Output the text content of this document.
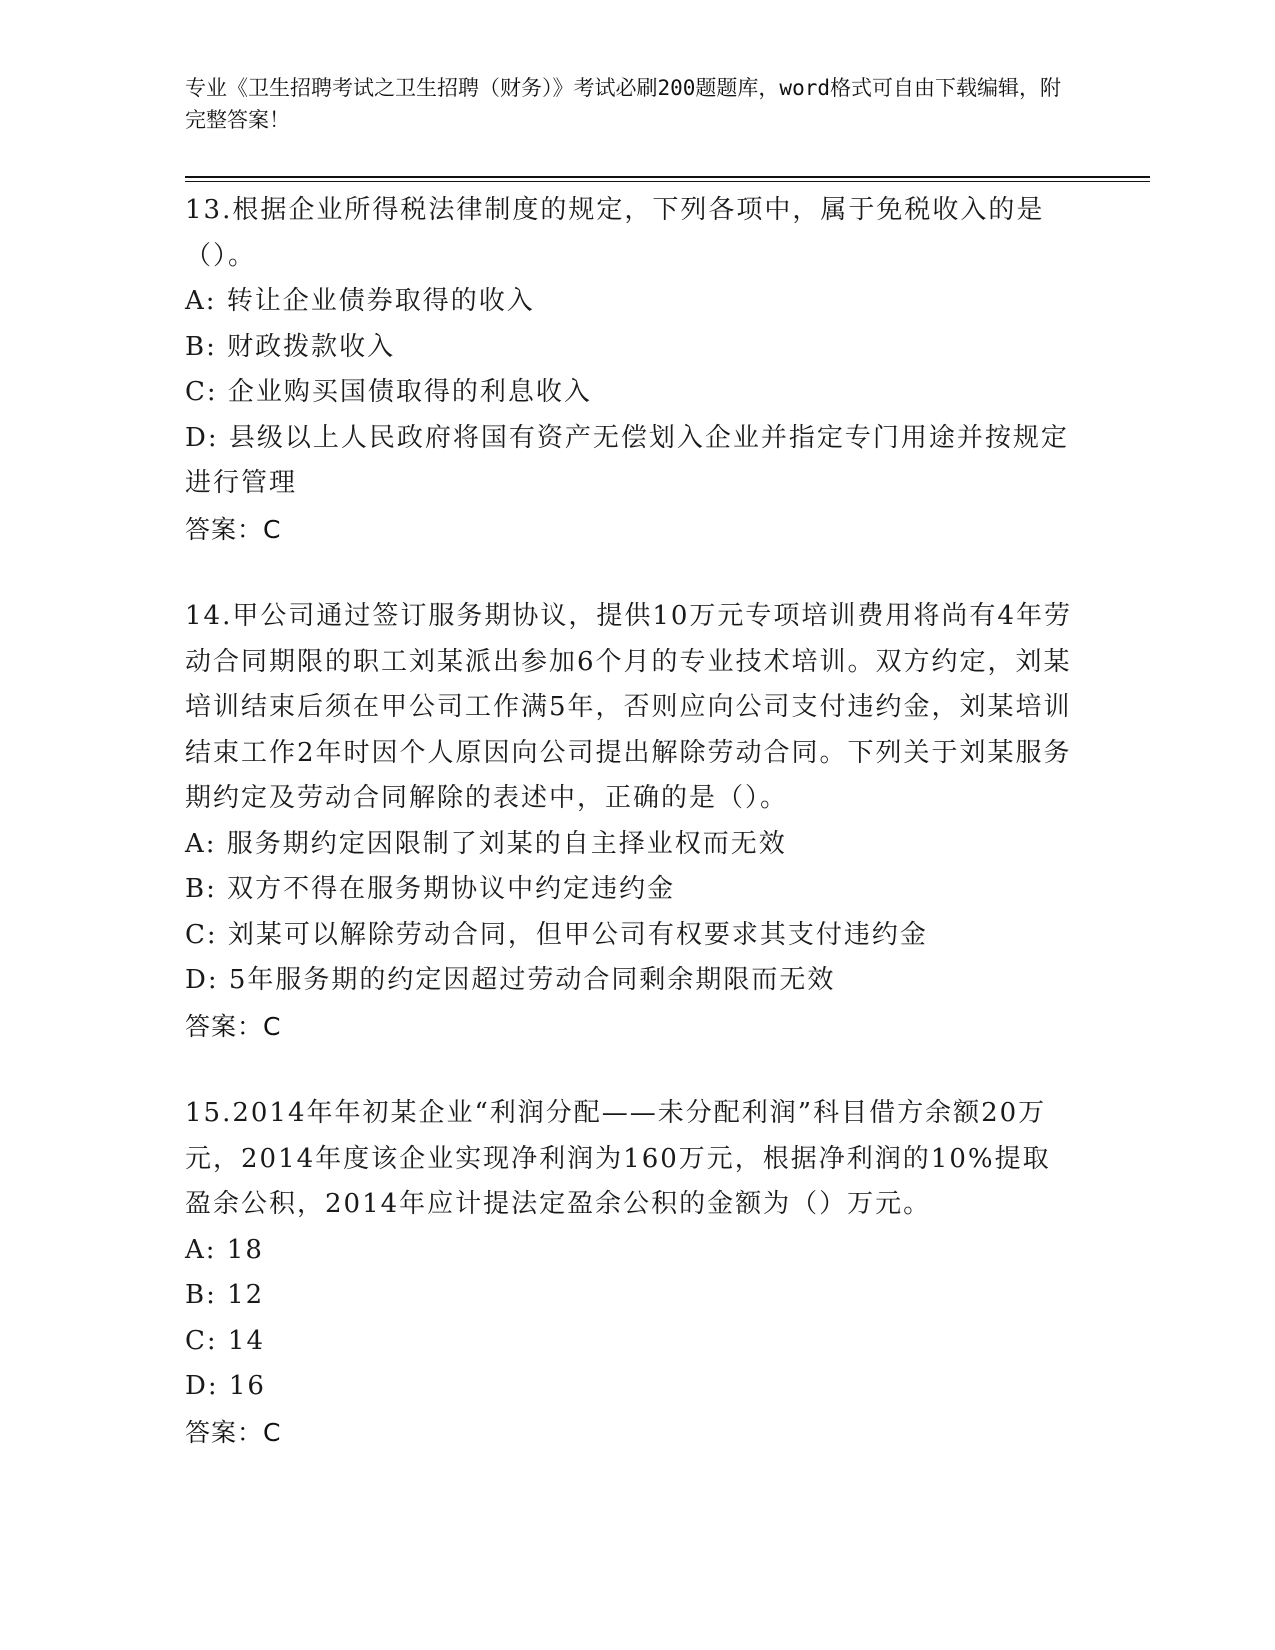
专业《卫生招聘考试之卫生招聘（财务）》考试必刷200题题库，word格式可自由下载编辑，附完整答案！

13.根据企业所得税法律制度的规定，下列各项中，属于免税收入的是（）。

A: 转让企业债券取得的收入

B: 财政拨款收入

C: 企业购买国债取得的利息收入

D: 县级以上人民政府将国有资产无偿划入企业并指定专门用途并按规定进行管理

答案：C

14.甲公司通过签订服务期协议，提供10万元专项培训费用将尚有4年劳动合同期限的职工刘某派出参加6个月的专业技术培训。双方约定，刘某培训结束后须在甲公司工作满5年，否则应向公司支付违约金，刘某培训结束工作2年时因个人原因向公司提出解除劳动合同。下列关于刘某服务期约定及劳动合同解除的表述中，正确的是（）。

A: 服务期约定因限制了刘某的自主择业权而无效

B: 双方不得在服务期协议中约定违约金

C: 刘某可以解除劳动合同，但甲公司有权要求其支付违约金

D: 5年服务期的约定因超过劳动合同剩余期限而无效

答案：C

15.2014年年初某企业“利润分配——未分配利润”科目借方余额20万元，2014年度该企业实现净利润为160万元，根据净利润的10%提取盈余公积，2014年应计提法定盈余公积的金额为（）万元。

A: 18

B: 12

C: 14

D: 16

答案：C
